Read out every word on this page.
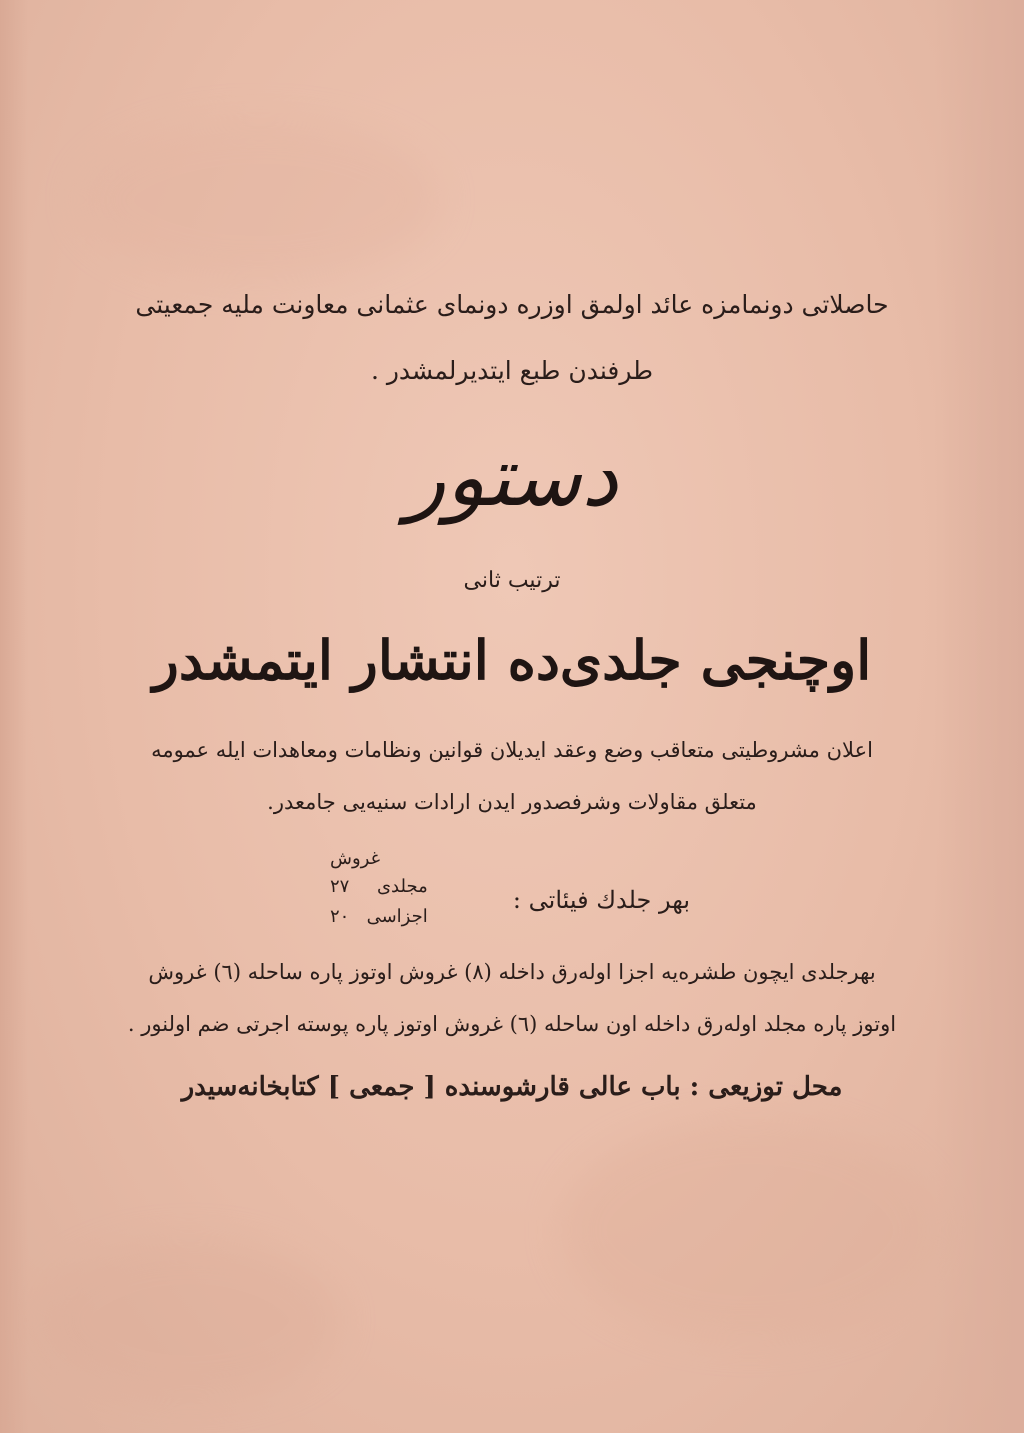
حاصلاتی دونمامزه عائد اولمق اوزره دونمای عثمانی معاونت ملیه جمعیتی
طرفندن طبع ایتدیرلمشدر .
دستور
ترتیب ثانی
اوچنجی جلدی‌ده انتشار ایتمشدر
اعلان مشروطیتی متعاقب وضع وعقد ایدیلان قوانین ونظامات ومعاهدات ایله عمومه
متعلق مقاولات وشرفصدور ایدن ارادات سنیه‌یی جامعدر.
غروش
بهر جلدك فیئاتی :
مجلدی ٢٧
اجزاسی ٢٠
بهرجلدی ایچون طشره‌یه اجزا اوله‌رق داخله (٨) غروش اوتوز پاره ساحله (٦) غروش
اوتوز پاره مجلد اوله‌رق داخله اون ساحله (٦) غروش اوتوز پاره پوسته اجرتی ضم اولنور .
محل توزیعی : باب عالی قارشوسنده [ جمعی ] کتابخانه‌سیدر
